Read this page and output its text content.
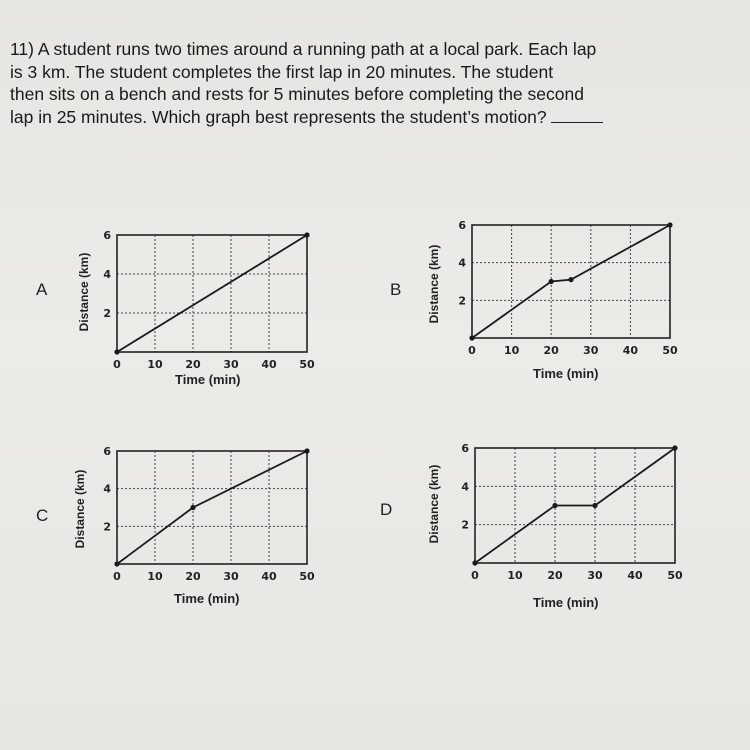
11) A student runs two times around a running path at a local park. Each lap
is 3 km. The student completes the first lap in 20 minutes. The student
then sits on a bench and rests for 5 minutes before completing the second
lap in 25 minutes. Which graph best represents the student’s motion?
A	B
C	D
0 10 20 30 40 50
2
4
6
0	10 20 30 40 50
2
4
6
0 10 20 30 40 50
2
4
6
0	10 20 30 40 50
2
4
6
Distance (km)
Time (min)
Distance (km)
Time (min)
Distance (km)
Time (min)
Distance (km)
Time (min)
